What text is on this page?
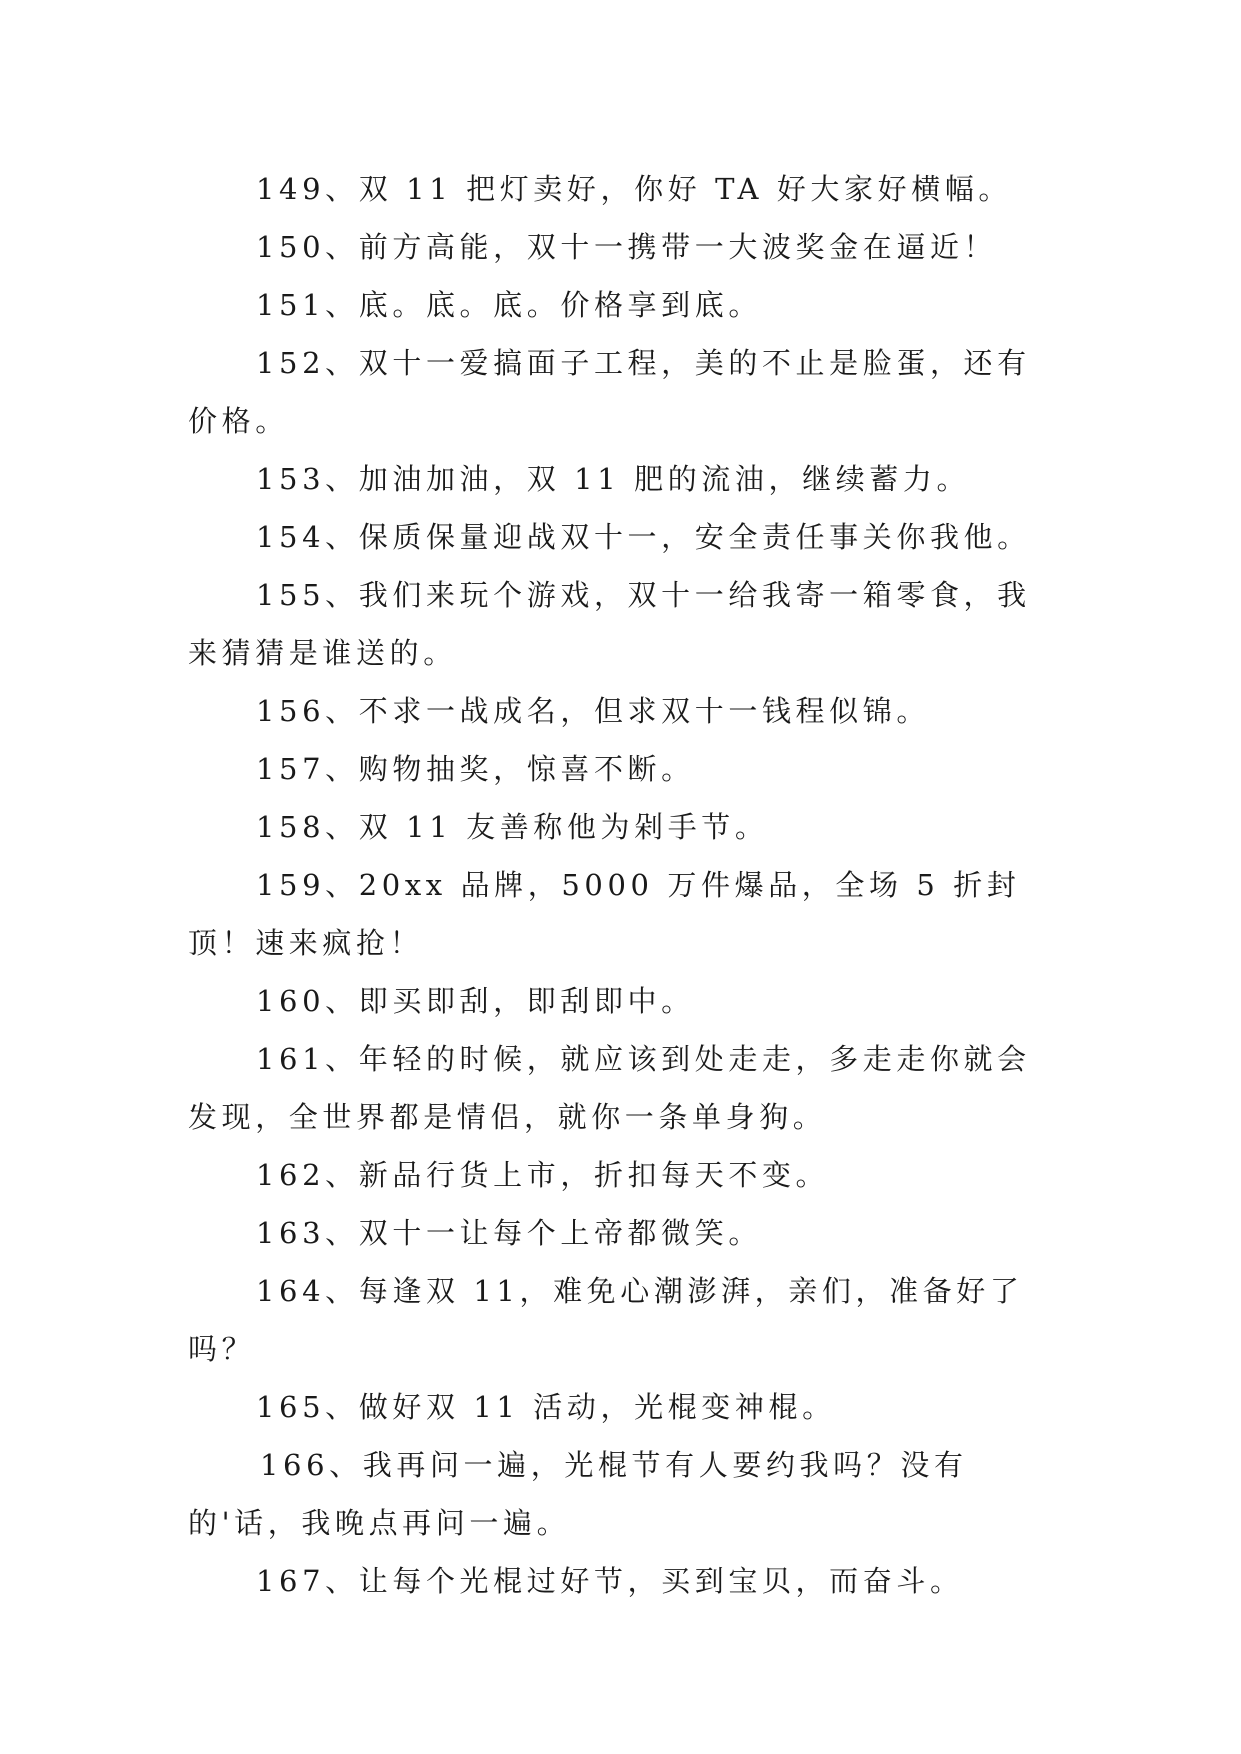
149、双 11 把灯卖好，你好 TA 好大家好横幅。

150、前方高能，双十一携带一大波奖金在逼近！

151、底。底。底。价格享到底。

152、双十一爱搞面子工程，美的不止是脸蛋，还有价格。

153、加油加油，双 11 肥的流油，继续蓄力。

154、保质保量迎战双十一，安全责任事关你我他。

155、我们来玩个游戏，双十一给我寄一箱零食，我来猜猜是谁送的。

156、不求一战成名，但求双十一钱程似锦。

157、购物抽奖，惊喜不断。

158、双 11 友善称他为剁手节。

159、20xx 品牌，5000 万件爆品，全场 5 折封顶！速来疯抢！

160、即买即刮，即刮即中。

161、年轻的时候，就应该到处走走，多走走你就会发现，全世界都是情侣，就你一条单身狗。

162、新品行货上市，折扣每天不变。

163、双十一让每个上帝都微笑。

164、每逢双 11，难免心潮澎湃，亲们，准备好了吗？

165、做好双 11 活动，光棍变神棍。

166、我再问一遍，光棍节有人要约我吗？没有的'话，我晚点再问一遍。

167、让每个光棍过好节，买到宝贝，而奋斗。
